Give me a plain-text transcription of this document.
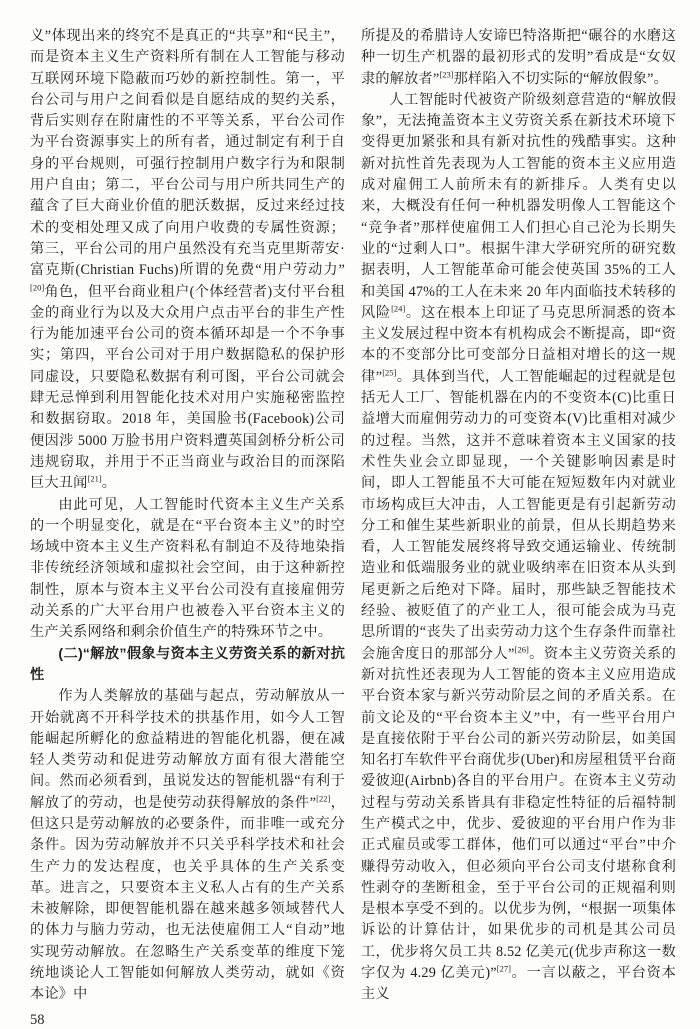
义”体现出来的终究不是真正的“共享”和“民主”，而是资本主义生产资料所有制在人工智能与移动互联网环境下隐蔽而巧妙的新控制性。第一，平台公司与用户之间看似是自愿结成的契约关系，背后实则存在附庸性的不平等关系，平台公司作为平台资源事实上的所有者，通过制定有利于自身的平台规则，可强行控制用户数字行为和限制用户自由；第二，平台公司与用户所共同生产的蕴含了巨大商业价值的肥沃数据，反过来经过技术的变相处理又成了向用户收费的专属性资源；第三，平台公司的用户虽然没有充当克里斯蒂安·富克斯(Christian Fuchs)所谓的免费“用户劳动力”[20]角色，但平台商业租户(个体经营者)支付平台租金的商业行为以及大众用户点击平台的非生产性行为能加速平台公司的资本循环却是一个不争事实；第四，平台公司对于用户数据隐私的保护形同虚设，只要隐私数据有利可图，平台公司就会肆无忌惮到利用智能化技术对用户实施秘密监控和数据窃取。2018 年，美国脸书(Facebook)公司便因涉 5000 万脸书用户资料遭英国剑桥分析公司违规窃取，并用于不正当商业与政治目的而深陷巨大丑闻[21]。

由此可见，人工智能时代资本主义生产关系的一个明显变化，就是在“平台资本主义”的时空场域中资本主义生产资料私有制迫不及待地染指非传统经济领域和虚拟社会空间，由于这种新控制性，原本与资本主义平台公司没有直接雇佣劳动关系的广大平台用户也被卷入平台资本主义的生产关系网络和剩余价值生产的特殊环节之中。

(二)“解放”假象与资本主义劳资关系的新对抗性

作为人类解放的基础与起点，劳动解放从一开始就离不开科学技术的拱基作用，如今人工智能崛起所孵化的愈益精进的智能化机器，便在减轻人类劳动和促进劳动解放方面有很大潜能空间。然而必须看到，虽说发达的智能机器“有利于解放了的劳动，也是使劳动获得解放的条件”[22]，但这只是劳动解放的必要条件，而非唯一或充分条件。因为劳动解放并不只关乎科学技术和社会生产力的发达程度，也关乎具体的生产关系变革。进言之，只要资本主义私人占有的生产关系未被解除，即便智能机器在越来越多领域替代人的体力与脑力劳动，也无法使雇佣工人“自动”地实现劳动解放。在忽略生产关系变革的维度下笼统地谈论人工智能如何解放人类劳动，就如《资本论》中

所提及的希腊诗人安谛巴特洛斯把“碾谷的水磨这种一切生产机器的最初形式的发明”看成是“女奴隶的解放者”[23]那样陷入不切实际的“解放假象”。

人工智能时代被资产阶级刻意营造的“解放假象”，无法掩盖资本主义劳资关系在新技术环境下变得更加紧张和具有新对抗性的残酷事实。这种新对抗性首先表现为人工智能的资本主义应用造成对雇佣工人前所未有的新排斥。人类有史以来，大概没有任何一种机器发明像人工智能这个“竞争者”那样使雇佣工人们担心自己沦为长期失业的“过剩人口”。根据牛津大学研究所的研究数据表明，人工智能革命可能会使英国 35%的工人和美国 47%的工人在未来 20 年内面临技术转移的风险[24]。这在根本上印证了马克思所洞悉的资本主义发展过程中资本有机构成会不断提高，即“资本的不变部分比可变部分日益相对增长的这一规律”[25]。具体到当代，人工智能崛起的过程就是包括无人工厂、智能机器在内的不变资本(C)比重日益增大而雇佣劳动力的可变资本(V)比重相对减少的过程。当然，这并不意味着资本主义国家的技术性失业会立即显现，一个关键影响因素是时间，即人工智能虽不大可能在短短数年内对就业市场构成巨大冲击，人工智能更是有引起新劳动分工和催生某些新职业的前景，但从长期趋势来看，人工智能发展终将导致交通运输业、传统制造业和低端服务业的就业吸纳率在旧资本从头到尾更新之后绝对下降。届时，那些缺乏智能技术经验、被贬值了的产业工人，很可能会成为马克思所谓的“丧失了出卖劳动力这个生存条件而靠社会施舍度日的那部分人”[26]。资本主义劳资关系的新对抗性还表现为人工智能的资本主义应用造成平台资本家与新兴劳动阶层之间的矛盾关系。在前文论及的“平台资本主义”中，有一些平台用户是直接依附于平台公司的新兴劳动阶层，如美国知名打车软件平台商优步(Uber)和房屋租赁平台商爱彼迎(Airbnb)各自的平台用户。在资本主义劳动过程与劳动关系皆具有非稳定性特征的后福特制生产模式之中，优步、爱彼迎的平台用户作为非正式雇员或零工群体，他们可以通过“平台”中介赚得劳动收入，但必须向平台公司支付堪称食利性剥夺的垄断租金，至于平台公司的正规福利则是根本享受不到的。以优步为例，“根据一项集体诉讼的计算估计，如果优步的司机是其公司员工，优步将欠员工共 8.52 亿美元(优步声称这一数字仅为 4.29 亿美元)”[27]。一言以蔽之，平台资本主义

58
